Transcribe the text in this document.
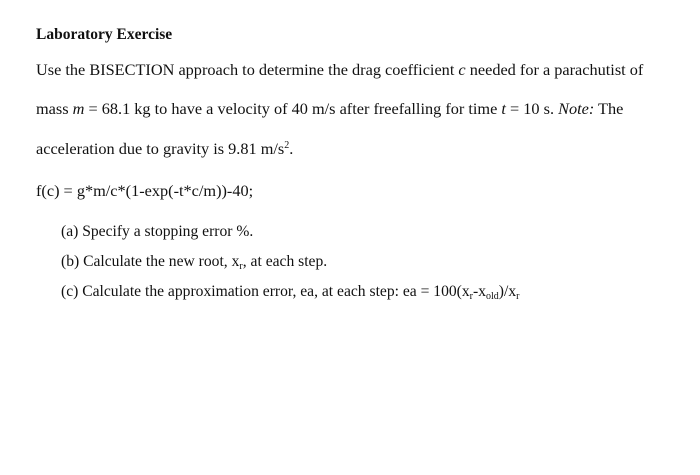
Laboratory Exercise
Use the BISECTION approach to determine the drag coefficient c needed for a parachutist of
mass m = 68.1 kg to have a velocity of 40 m/s after freefalling for time t = 10 s. Note: The
acceleration due to gravity is 9.81 $m/s^2$.
f(c) = g*m/c*(1-exp(-t*c/m))-40;
(a) Specify a stopping error %.
(b) Calculate the new root, $x_r$, at each step.
(c) Calculate the approximation error, ea, at each step: ea = $100(x_r-x_{old})/x_r$
